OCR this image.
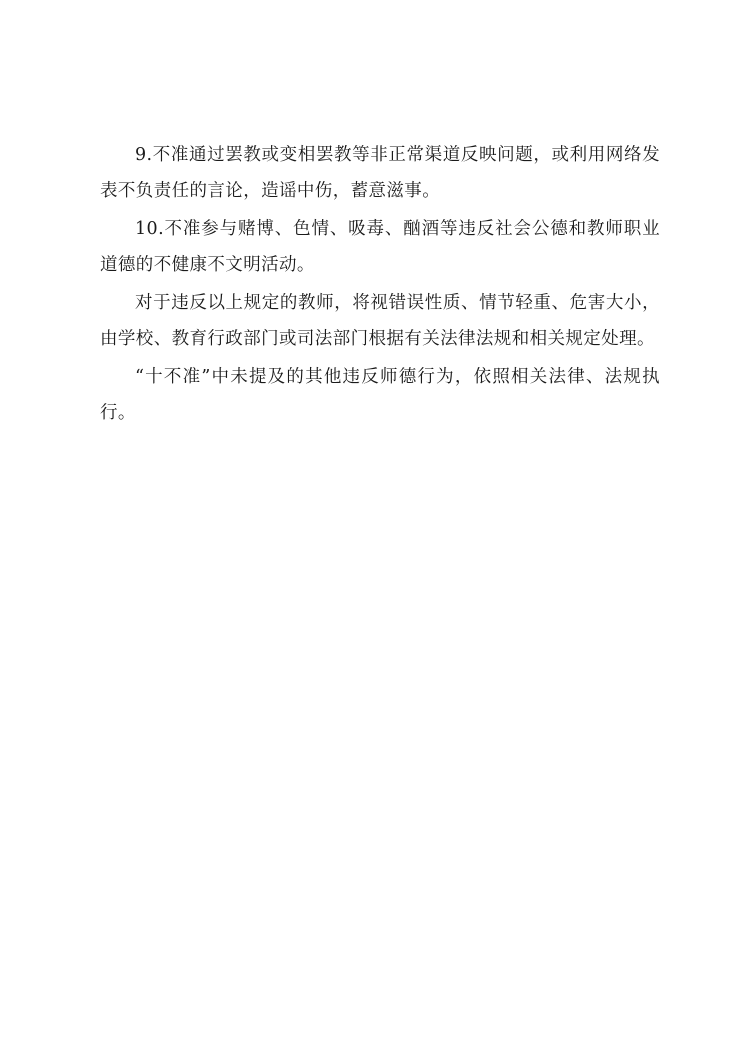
9.不准通过罢教或变相罢教等非正常渠道反映问题，或利用网络发表不负责任的言论，造谣中伤，蓄意滋事。

10.不准参与赌博、色情、吸毒、酗酒等违反社会公德和教师职业道德的不健康不文明活动。

对于违反以上规定的教师，将视错误性质、情节轻重、危害大小，由学校、教育行政部门或司法部门根据有关法律法规和相关规定处理。

“十不准”中未提及的其他违反师德行为，依照相关法律、法规执行。
